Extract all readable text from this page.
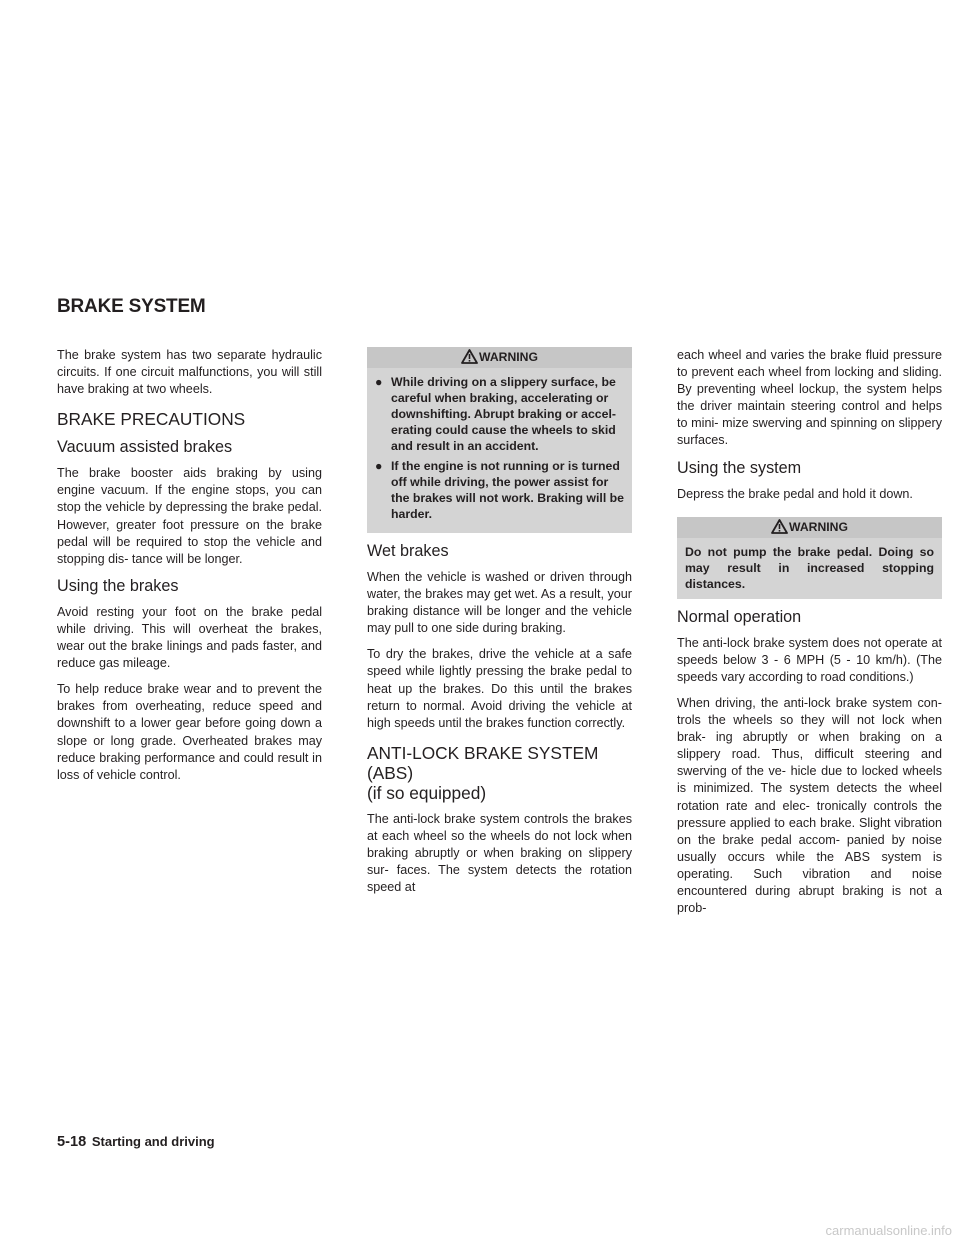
BRAKE SYSTEM

The brake system has two separate hydraulic circuits. If one circuit malfunctions, you will still have braking at two wheels.

BRAKE PRECAUTIONS
Vacuum assisted brakes

The brake booster aids braking by using engine vacuum. If the engine stops, you can stop the vehicle by depressing the brake pedal. However, greater foot pressure on the brake pedal will be required to stop the vehicle and stopping dis- tance will be longer.

Using the brakes

Avoid resting your foot on the brake pedal while driving. This will overheat the brakes, wear out the brake linings and pads faster, and reduce gas mileage.

To help reduce brake wear and to prevent the brakes from overheating, reduce speed and downshift to a lower gear before going down a slope or long grade. Overheated brakes may reduce braking performance and could result in loss of vehicle control.

WARNING
● While driving on a slippery surface, be careful when braking, accelerating or downshifting. Abrupt braking or accel- erating could cause the wheels to skid and result in an accident.
● If the engine is not running or is turned off while driving, the power assist for the brakes will not work. Braking will be harder.
Wet brakes

When the vehicle is washed or driven through water, the brakes may get wet. As a result, your braking distance will be longer and the vehicle may pull to one side during braking.

To dry the brakes, drive the vehicle at a safe speed while lightly pressing the brake pedal to heat up the brakes. Do this until the brakes return to normal. Avoid driving the vehicle at high speeds until the brakes function correctly.

ANTI-LOCK BRAKE SYSTEM (ABS)
(if so equipped)

The anti-lock brake system controls the brakes at each wheel so the wheels do not lock when braking abruptly or when braking on slippery sur- faces. The system detects the rotation speed at

each wheel and varies the brake fluid pressure to prevent each wheel from locking and sliding. By preventing wheel lockup, the system helps the driver maintain steering control and helps to mini- mize swerving and spinning on slippery surfaces.

Using the system

Depress the brake pedal and hold it down.

WARNING
Do not pump the brake pedal. Doing so may result in increased stopping distances.
Normal operation

The anti-lock brake system does not operate at speeds below 3 - 6 MPH (5 - 10 km/h). (The speeds vary according to road conditions.)

When driving, the anti-lock brake system con- trols the wheels so they will not lock when brak- ing abruptly or when braking on a slippery road. Thus, difficult steering and swerving of the ve- hicle due to locked wheels is minimized. The system detects the wheel rotation rate and elec- tronically controls the pressure applied to each brake. Slight vibration on the brake pedal accom- panied by noise usually occurs while the ABS system is operating. Such vibration and noise encountered during abrupt braking is not a prob-

5-18 Starting and driving
carmanualsonline.info
